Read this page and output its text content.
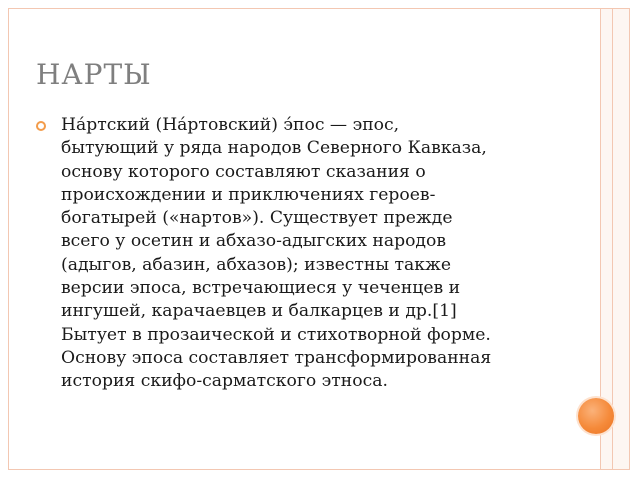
НАРТЫ

На́ртский (На́ртовский) э́пос — эпос,
бытующий у ряда народов Северного Кавказа,
основу которого составляют сказания о
происхождении и приключениях героев-
богатырей («нартов»). Существует прежде
всего у осетин и абхазо-адыгских народов
(адыгов, абазин, абхазов); известны также
версии эпоса, встречающиеся у чеченцев и
ингушей, карачаевцев и балкарцев и др.[1]
Бытует в прозаической и стихотворной форме.
Основу эпоса составляет трансформированная
история скифо-сарматского этноса.
